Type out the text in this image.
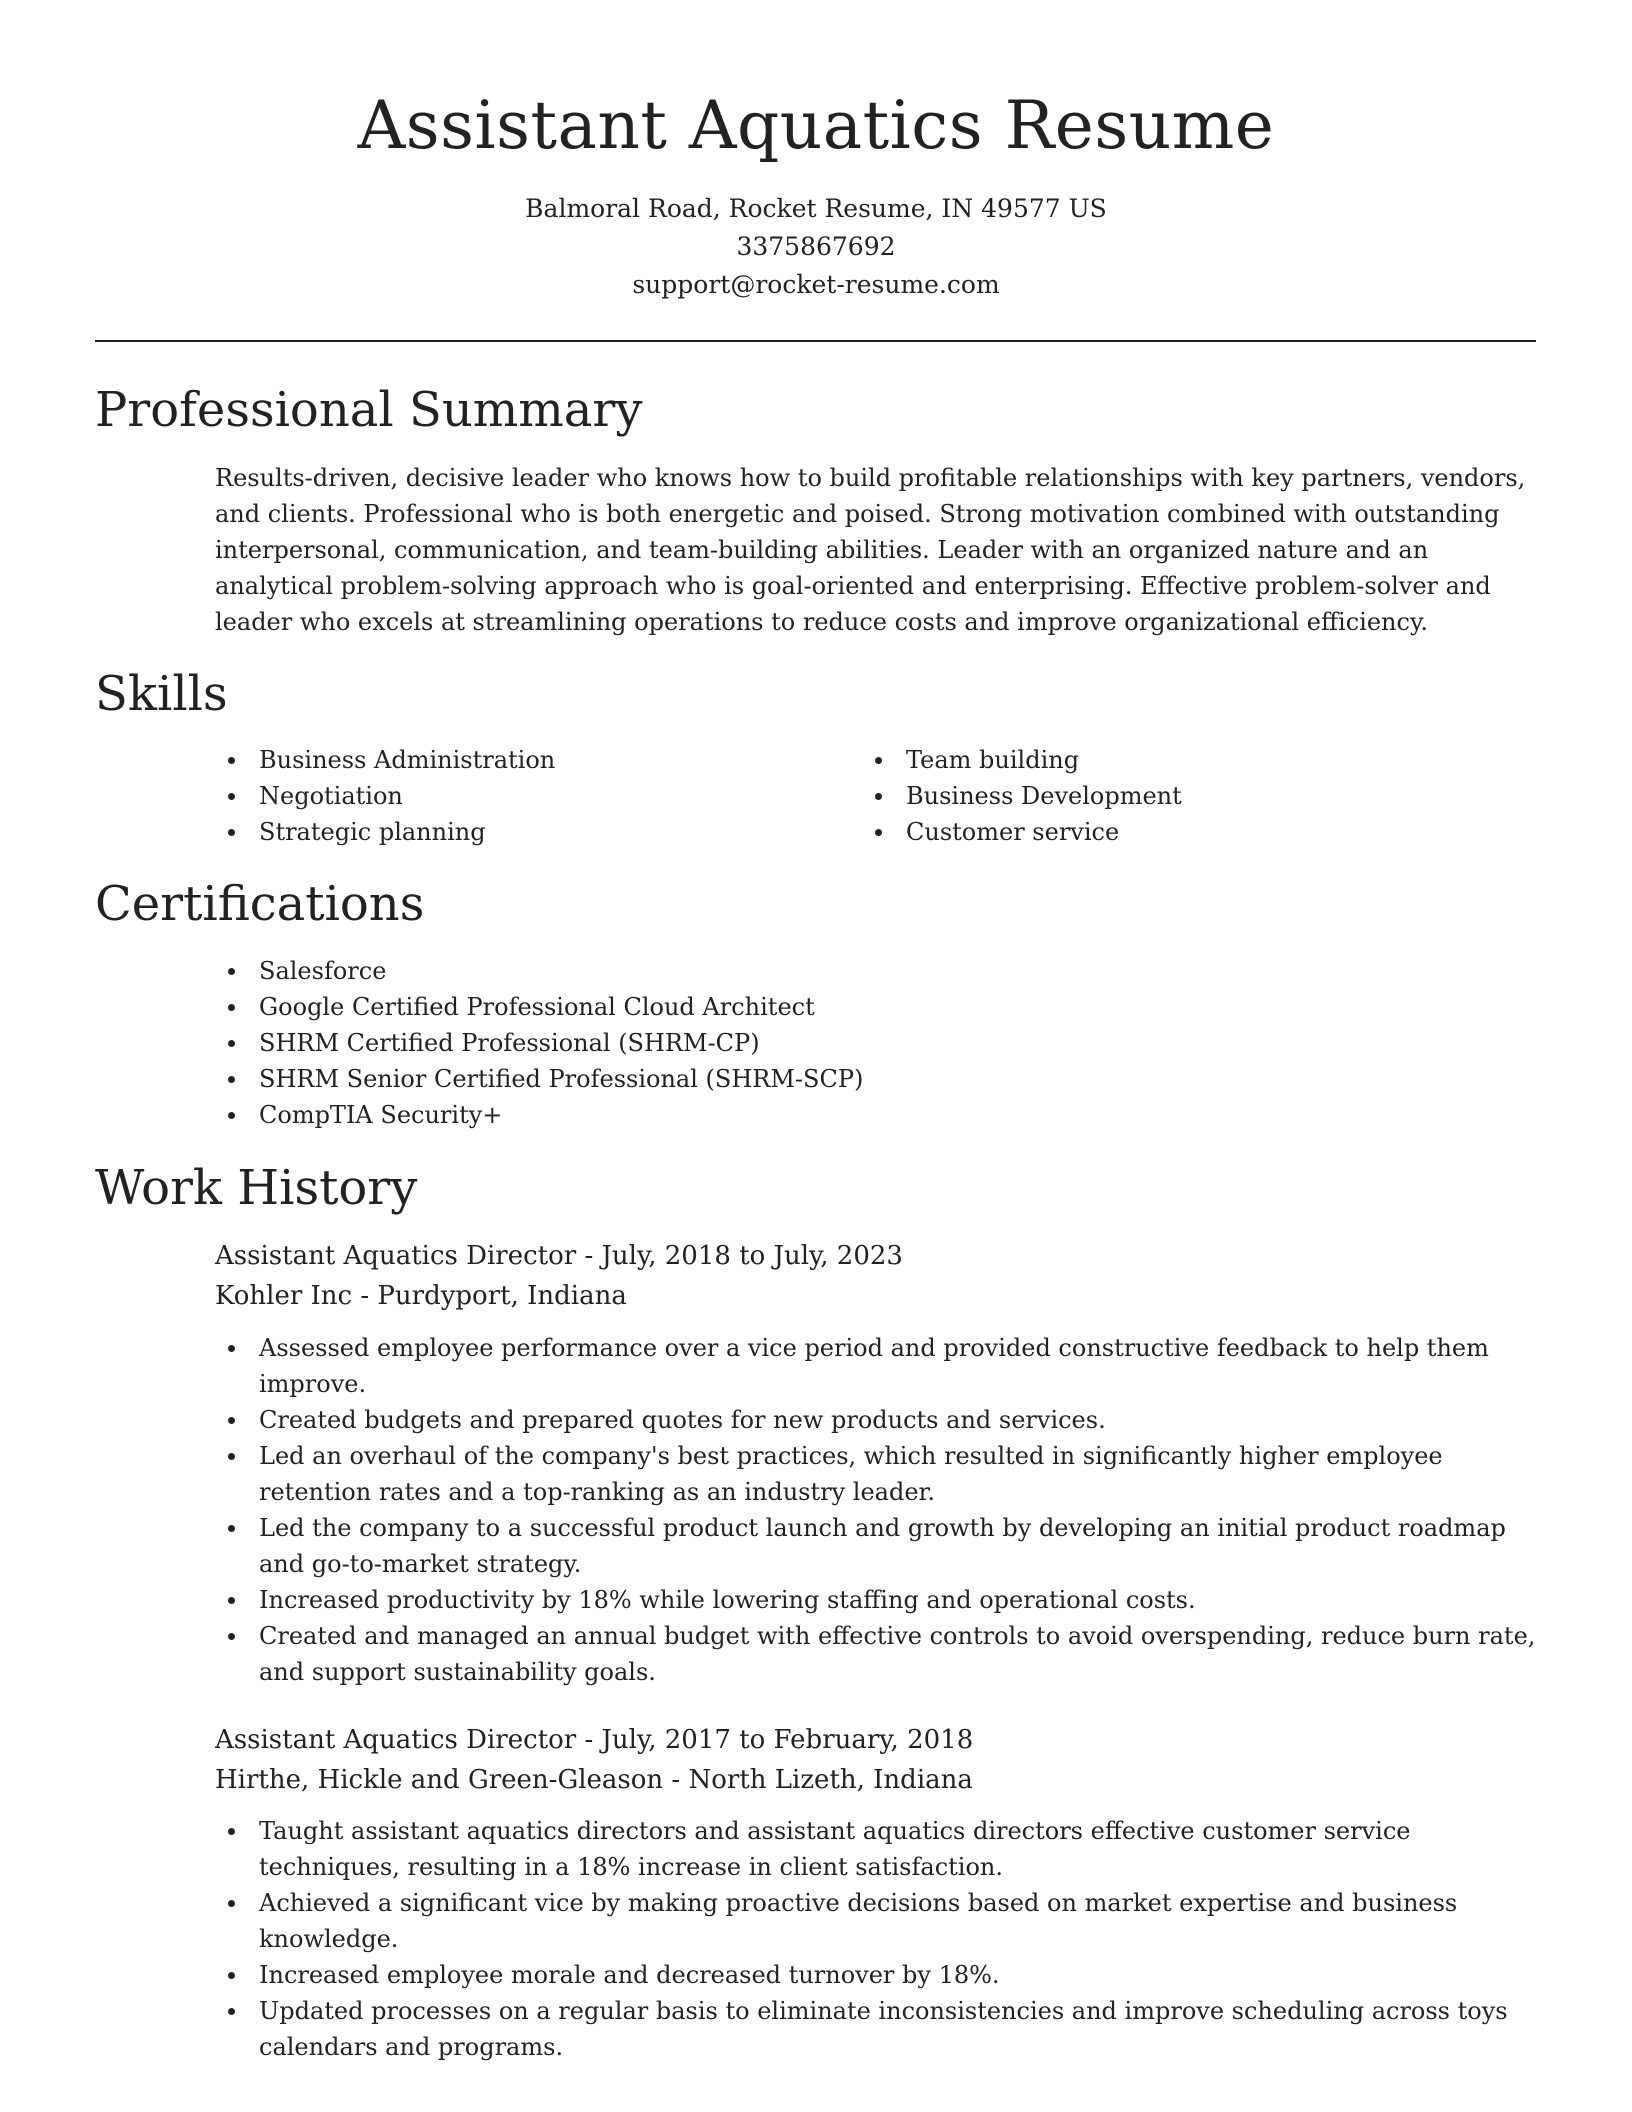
Assistant Aquatics Resume
Balmoral Road, Rocket Resume, IN 49577 US
3375867692
support@rocket-resume.com
Professional Summary

Results-driven, decisive leader who knows how to build profitable relationships with key partners, vendors, and clients. Professional who is both energetic and poised. Strong motivation combined with outstanding interpersonal, communication, and team-building abilities. Leader with an organized nature and an analytical problem-solving approach who is goal-oriented and enterprising. Effective problem-solver and leader who excels at streamlining operations to reduce costs and improve organizational efficiency.

Skills
Business Administration
Negotiation
Strategic planning
Team building
Business Development
Customer service
Certifications
Salesforce
Google Certified Professional Cloud Architect
SHRM Certified Professional (SHRM-CP)
SHRM Senior Certified Professional (SHRM-SCP)
CompTIA Security+
Work History
Assistant Aquatics Director - July, 2018 to July, 2023
Kohler Inc - Purdyport, Indiana
Assessed employee performance over a vice period and provided constructive feedback to help them improve.
Created budgets and prepared quotes for new products and services.
Led an overhaul of the company's best practices, which resulted in significantly higher employee retention rates and a top-ranking as an industry leader.
Led the company to a successful product launch and growth by developing an initial product roadmap and go-to-market strategy.
Increased productivity by 18% while lowering staffing and operational costs.
Created and managed an annual budget with effective controls to avoid overspending, reduce burn rate, and support sustainability goals.
Assistant Aquatics Director - July, 2017 to February, 2018
Hirthe, Hickle and Green-Gleason - North Lizeth, Indiana
Taught assistant aquatics directors and assistant aquatics directors effective customer service techniques, resulting in a 18% increase in client satisfaction.
Achieved a significant vice by making proactive decisions based on market expertise and business knowledge.
Increased employee morale and decreased turnover by 18%.
Updated processes on a regular basis to eliminate inconsistencies and improve scheduling across toys calendars and programs.
